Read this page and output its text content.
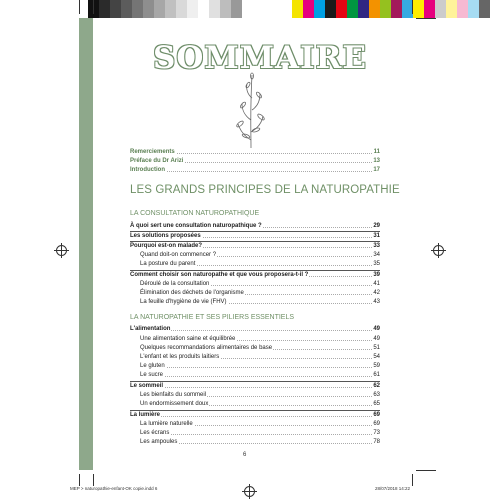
SOMMAIRE
Remerciements	11
Préface du Dr Arizi	13
Introduction	17
LES GRANDS PRINCIPES DE LA NATUROPATHIE
LA CONSULTATION NATUROPATHIQUE
À quoi sert une consultation naturopathique ?	29
Les solutions proposées	31
Pourquoi est-on malade?	33
Quand doit-on commencer ?	34
La posture du parent	35
Comment choisir son naturopathe et que vous proposera-t-il ?	39
Déroulé de la consultation	41
Élimination des déchets de l'organisme	42
La feuille d'hygiène de vie (FHV)	43
LA NATUROPATHIE ET SES PILIERS ESSENTIELS
L'alimentation	49
Une alimentation saine et équilibrée	49
Quelques recommandations alimentaires de base	51
L'enfant et les produits laitiers	54
Le gluten	59
Le sucre	61
Le sommeil	62
Les bienfaits du sommeil	63
Un endormissement doux	65
La lumière	69
La lumière naturelle	69
Les écrans	73
Les ampoules	78
6
MEP > naturopathie-enfant-OK copie.indd 6	28/07/2018 14:22
